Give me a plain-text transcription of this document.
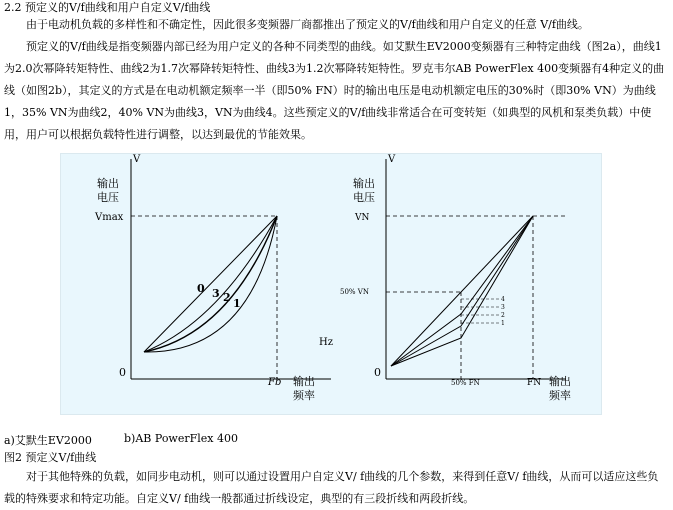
2.2 预定义的V/f曲线和用户自定义V/f曲线
由于电动机负载的多样性和不确定性，因此很多变频器厂商都推出了预定义的V/f曲线和用户自定义的任意 V/f曲线。
预定义的V/f曲线是指变频器内部已经为用户定义的各种不同类型的曲线。如艾默生EV2000变频器有三种特定曲线（图2a），曲线1为2.0次幂降转矩特性、曲线2为1.7次幂降转矩特性、曲线3为1.2次幂降转矩特性。罗克韦尔AB PowerFlex 400变频器有4种定义的曲线（如图2b），其定义的方式是在电动机额定频率一半（即50% FN）时的输出电压是电动机额定电压的30%时（即30% VN）为曲线1，35% VN为曲线2，40% VN为曲线3，VN为曲线4。这些预定义的V/f曲线非常适合在可变转矩（如典型的风机和泵类负载）中使用，用户可以根据负载特性进行调整，以达到最优的节能效果。
V
输出
电压
Vmax
0
Hz
Fb 输出
频率
0 3 2 1
V
输出
电压
VN
50% VN
0
50% FN	FN 输出
频率
4
3
2
1
a)艾默生EV2000	b)AB PowerFlex 400
图2 预定义V/f曲线
对于其他特殊的负载，如同步电动机，则可以通过设置用户自定义V/ f曲线的几个参数，来得到任意V/ f曲线，从而可以适应这些负载的特殊要求和特定功能。自定义V/ f曲线一般都通过折线设定，典型的有三段折线和两段折线。
